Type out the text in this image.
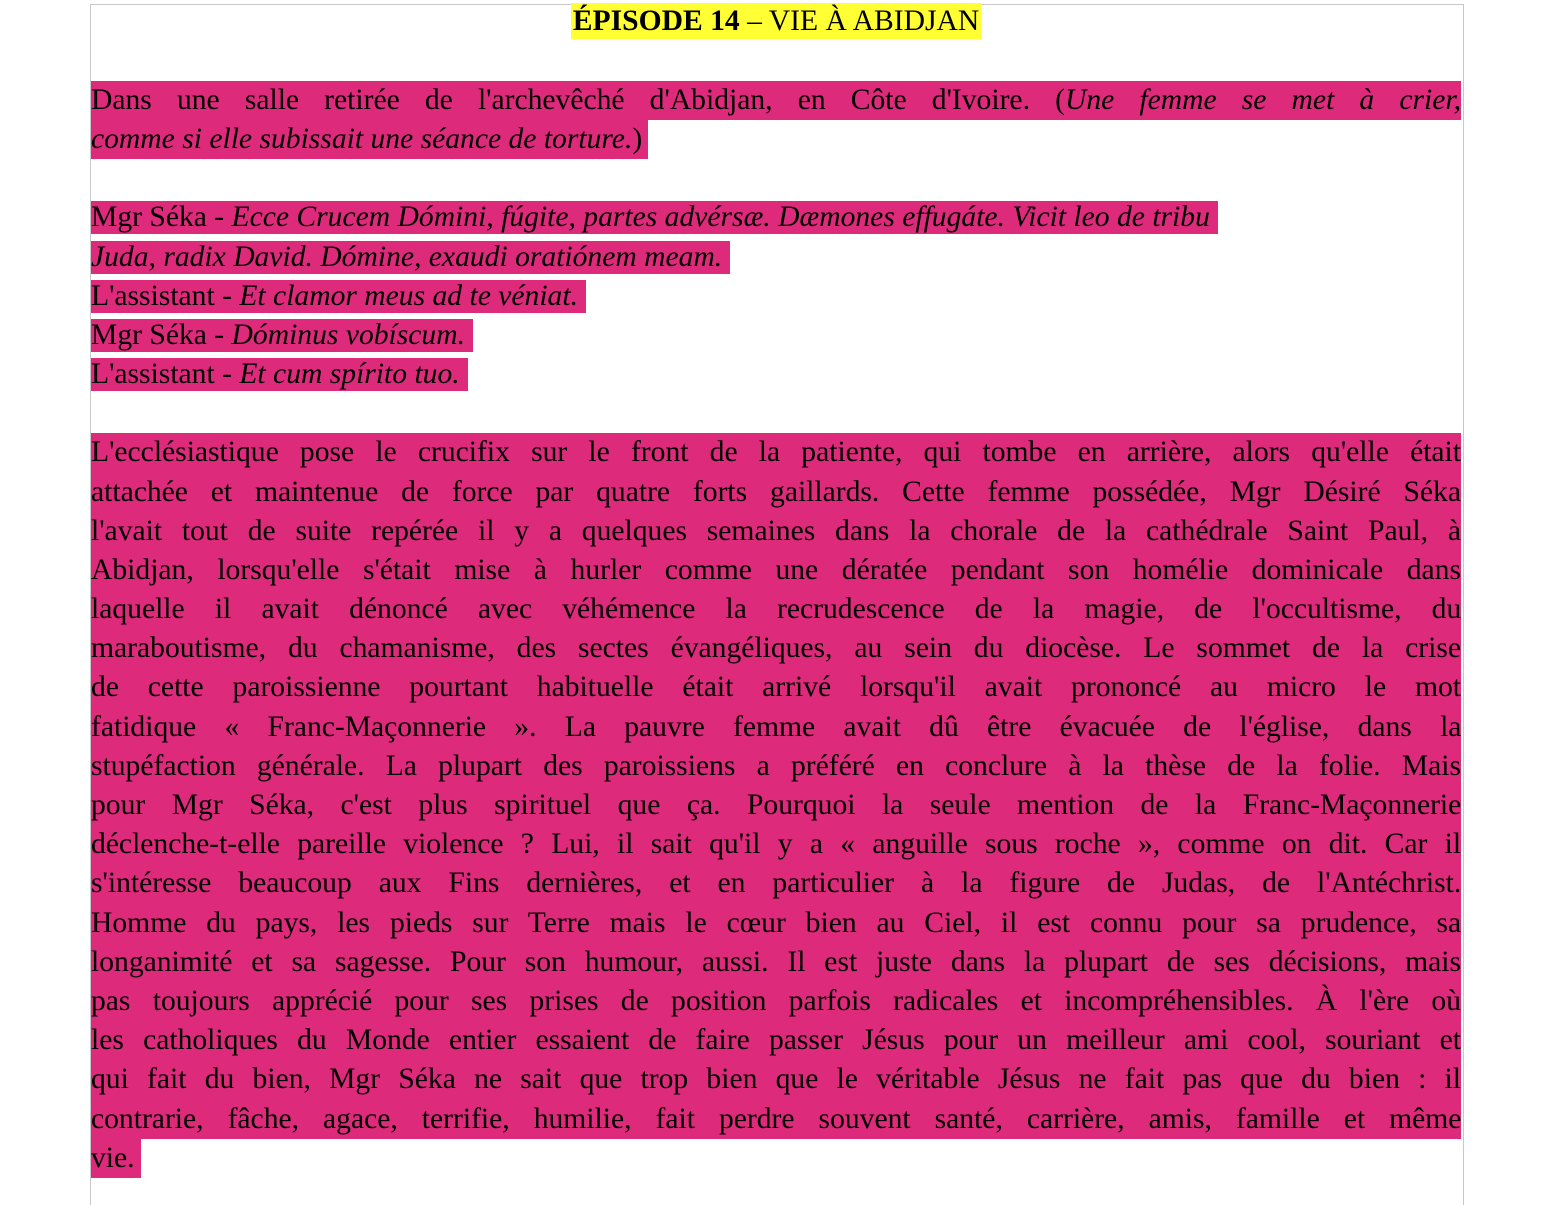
ÉPISODE 14 – VIE À ABIDJAN
Dans une salle retirée de l'archevêché d'Abidjan, en Côte d'Ivoire. (Une femme se met à crier,
comme si elle subissait une séance de torture.)
Mgr Séka - Ecce Crucem Dómini, fúgite, partes advérsæ. Dæmones effugáte. Vicit leo de tribu
Juda, radix David. Dómine, exaudi oratiónem meam.
L'assistant - Et clamor meus ad te véniat.
Mgr Séka - Dóminus vobíscum.
L'assistant - Et cum spírito tuo.
L'ecclésiastique pose le crucifix sur le front de la patiente, qui tombe en arrière, alors qu'elle était
attachée et maintenue de force par quatre forts gaillards. Cette femme possédée, Mgr Désiré Séka
l'avait tout de suite repérée il y a quelques semaines dans la chorale de la cathédrale Saint Paul, à
Abidjan, lorsqu'elle s'était mise à hurler comme une dératée pendant son homélie dominicale dans
laquelle il avait dénoncé avec véhémence la recrudescence de la magie, de l'occultisme, du
maraboutisme, du chamanisme, des sectes évangéliques, au sein du diocèse. Le sommet de la crise
de cette paroissienne pourtant habituelle était arrivé lorsqu'il avait prononcé au micro le mot
fatidique « Franc-Maçonnerie ». La pauvre femme avait dû être évacuée de l'église, dans la
stupéfaction générale. La plupart des paroissiens a préféré en conclure à la thèse de la folie. Mais
pour Mgr Séka, c'est plus spirituel que ça. Pourquoi la seule mention de la Franc-Maçonnerie
déclenche-t-elle pareille violence ? Lui, il sait qu'il y a « anguille sous roche », comme on dit. Car il
s'intéresse beaucoup aux Fins dernières, et en particulier à la figure de Judas, de l'Antéchrist.
Homme du pays, les pieds sur Terre mais le cœur bien au Ciel, il est connu pour sa prudence, sa
longanimité et sa sagesse. Pour son humour, aussi. Il est juste dans la plupart de ses décisions, mais
pas toujours apprécié pour ses prises de position parfois radicales et incompréhensibles. À l'ère où
les catholiques du Monde entier essaient de faire passer Jésus pour un meilleur ami cool, souriant et
qui fait du bien, Mgr Séka ne sait que trop bien que le véritable Jésus ne fait pas que du bien : il
contrarie, fâche, agace, terrifie, humilie, fait perdre souvent santé, carrière, amis, famille et même
vie.
